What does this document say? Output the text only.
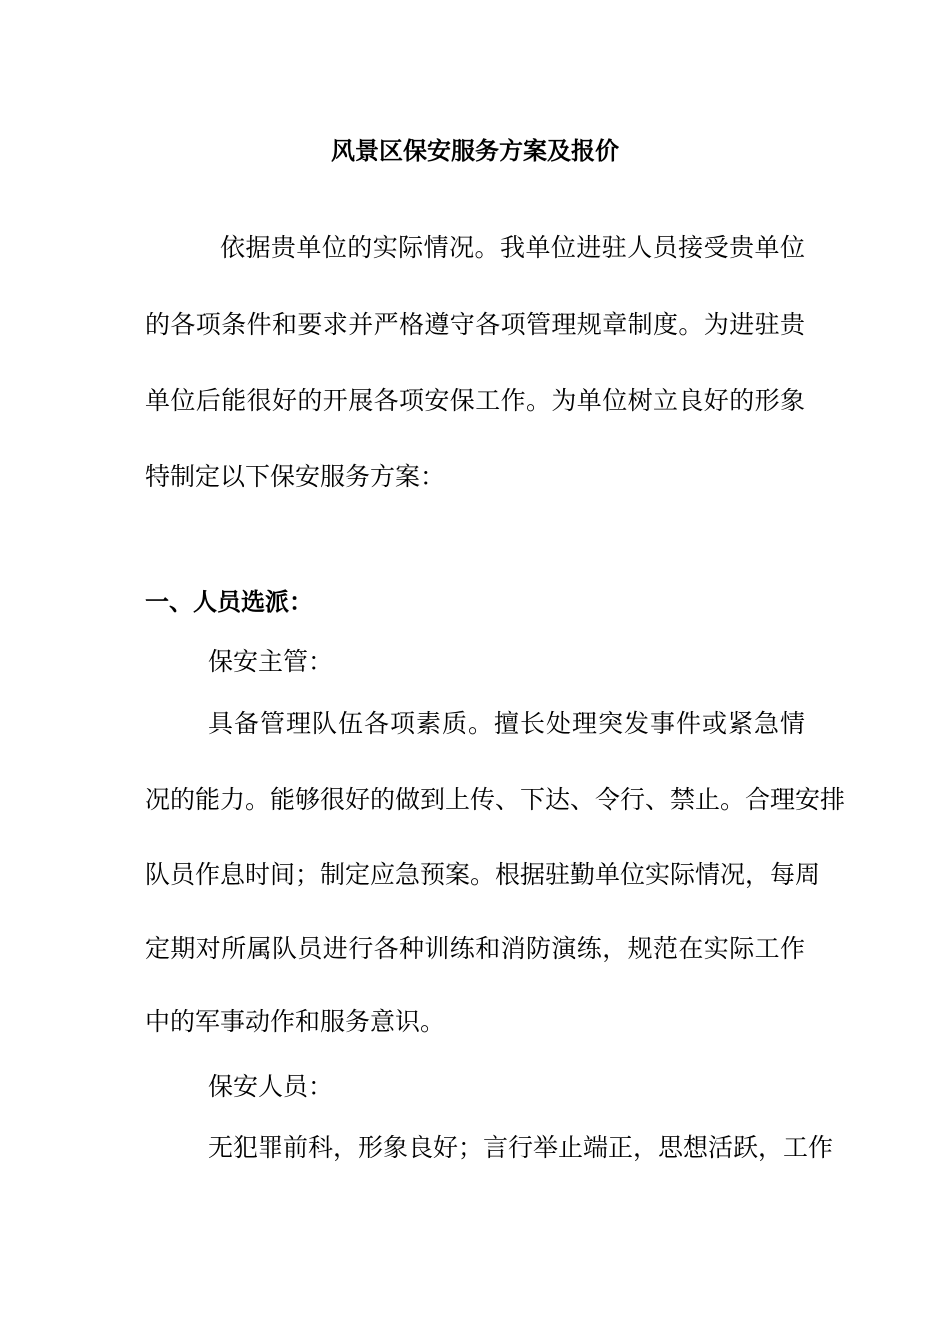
风景区保安服务方案及报价
依据贵单位的实际情况。我单位进驻人员接受贵单位
的各项条件和要求并严格遵守各项管理规章制度。为进驻贵
单位后能很好的开展各项安保工作。为单位树立良好的形象
特制定以下保安服务方案：
一、人员选派：
保安主管：
具备管理队伍各项素质。擅长处理突发事件或紧急情
况的能力。能够很好的做到上传、下达、令行、禁止。合理安排
队员作息时间；制定应急预案。根据驻勤单位实际情况，每周
定期对所属队员进行各种训练和消防演练，规范在实际工作
中的军事动作和服务意识。
保安人员：
无犯罪前科，形象良好；言行举止端正，思想活跃，工作
